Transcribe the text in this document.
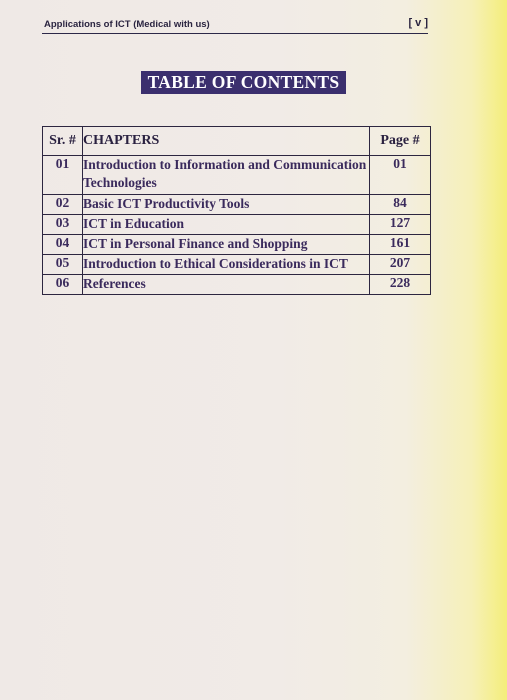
Applications of ICT (Medical with us)	[ v ]
TABLE OF CONTENTS
Sr. #	CHAPTERS	Page #
01	Introduction to Information and Communication Technologies	01
02	Basic ICT Productivity Tools	84
03	ICT in Education	127
04	ICT in Personal Finance and Shopping	161
05	Introduction to Ethical Considerations in ICT	207
06	References	228
